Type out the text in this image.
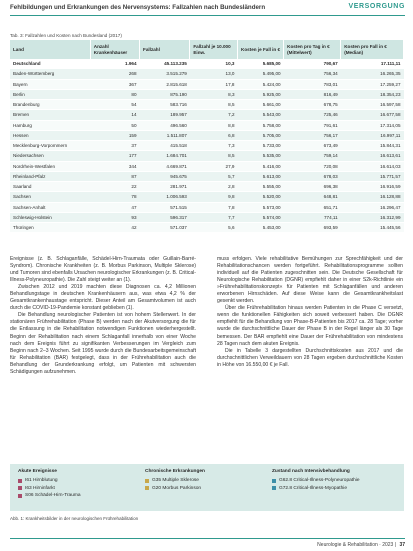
Fehlbildungen und Erkrankungen des Nervensystems: Fallzahlen nach Bundesländern	VERSORGUNG
Tab. 3: Fallzahlen und Kosten nach Bundesland (2017)
Land	Anzahl Krankenhäuser	Fallzahl	Fallzahl je 10.000 Einw.	Kosten je Fall in €	Kosten pro Tag in € (Mittelwert)	Kosten pro Fall in € (Median)
Deutschland	1.964	45.113.235	10,3	5.685,00	790,67	17.111,11
Baden-Württemberg	268	3.515.279	13,0	5.495,00	756,34	16.265,35
Bayern	367	2.815.618	17,8	5.424,00	783,01	17.259,27
Berlin	80	875.190	8,3	5.925,00	816,49	18.354,23
Brandenburg	54	583.716	8,5	5.661,00	678,75	16.597,58
Bremen	14	189.957	7,2	5.543,00	725,46	16.677,58
Hamburg	50	496.560	8,8	5.758,00	791,61	17.314,05
Hessen	159	1.511.807	6,8	5.705,00	756,17	16.997,11
Mecklenburg-Vorpommern	37	415.518	7,3	5.733,00	673,49	15.844,31
Niedersachsen	177	1.684.701	8,5	5.535,00	759,14	16.613,61
Nordrhein-Westfalen	344	4.669.871	27,9	5.416,00	720,08	16.614,03
Rheinland-Pfalz	87	945.675	5,7	5.613,00	678,03	15.771,57
Saarland	22	281.971	2,8	5.555,00	696,38	16.916,59
Sachsen	78	1.006.593	9,8	5.520,00	648,81	16.128,88
Sachsen-Anhalt	47	571.515	7,8	5.573,00	651,71	16.296,47
Schleswig-Holstein	93	596.317	7,7	5.574,00	774,11	16.312,99
Thüringen	42	571.037	5,6	5.453,00	693,59	15.445,56

Ereignisse (z. B. Schlaganfälle, Schädel-Hirn-Traumata oder Guillain-Barré-Syndrom). Chronische Krankheiten (z. B. Morbus Parkinson, Multiple Sklerose) und Tumoren sind ebenfalls Ursachen neurologischer Erkrankungen (z. B. Critical-Illness-Polyneuropathie). Die Zahl steigt weiter an (1).

Zwischen 2012 und 2019 machten diese Diagnosen ca. 4,2 Millionen Behandlungstage in deutschen Krankenhäusern aus, was etwa 4,2 % der Gesamtkrankenhaustage entspricht. Dieser Anteil am Gesamtvolumen ist auch durch die COVID-19-Pandemie konstant geblieben (1).

Die Behandlung neurologischer Patienten ist von hohem Stellenwert. In der stationären Frührehabilitation (Phase B) werden nach der Akutversorgung die für die Entlassung in die Rehabilitation notwendigen Funktionen wiederhergestellt. Beginn der Rehabilitation nach einem Schlaganfall innerhalb von einer Woche nach dem Ereignis führt zu signifikanten Verbesserungen im Vergleich zum Beginn nach 2–3 Wochen. Seit 1995 wurde durch die Bundesarbeitsgemeinschaft für Rehabilitation (BAR) festgelegt, dass in der Frührehabilitation auch die Behandlung der Grunderkrankung erfolgt, um Patienten mit schwersten Schädigungen aufzunehmen.

muss erfolgen. Viele rehabilitative Bemühungen zur Sprechfähigkeit und der Rehabilitationschancen werden fortgeführt. Rehabilitationsprogramme sollten individuell auf die Patienten zugeschnitten sein. Die Deutsche Gesellschaft für Neurologische Rehabilitation (DGNR) empfiehlt daher in einer S2k-Richtlinie ein »Frührehabilitationskonzept« für Patienten mit Schlaganfällen und anderen erworbenen Hirnschäden. Auf diese Weise kann die Gesamtkrankheitslast gesenkt werden.

Über die Frührehabilitation hinaus werden Patienten in die Phase C versetzt, wenn die funktionellen Fähigkeiten sich soweit verbessert haben. Die DGNR empfiehlt für die Behandlung von Phase-B-Patienten bis 2017 ca. 28 Tage; vorher wurde die durchschnittliche Dauer der Phase B in der Regel länger als 30 Tage bemessen. Der BAR empfiehlt eine Dauer der Frührehabilitation von mindestens 28 Tagen nach dem akuten Ereignis.

Die in Tabelle 3 dargestellten Durchschnittskosten aus 2017 und die durchschnittlichen Verweildauern von 28 Tagen ergeben durchschnittliche Kosten in Höhe von 16.550,00 € je Fall.

Akute Ereignisse
I61 Hirnblutung
I63 Hirninfarkt
S06 Schädel-Hirn-Trauma
Chronische Erkrankungen
G35 Multiple Sklerose
G20 Morbus Parkinson
Zustand nach Intensivbehandlung
G62.8 Critical-Illness-Polyneuropathie
G72.8 Critical-Illness-Myopathie
Abb. 1: Krankheitsbilder in der neurologischen Frührehabilitation
Neurologie & Rehabilitation · 2023 | 37
